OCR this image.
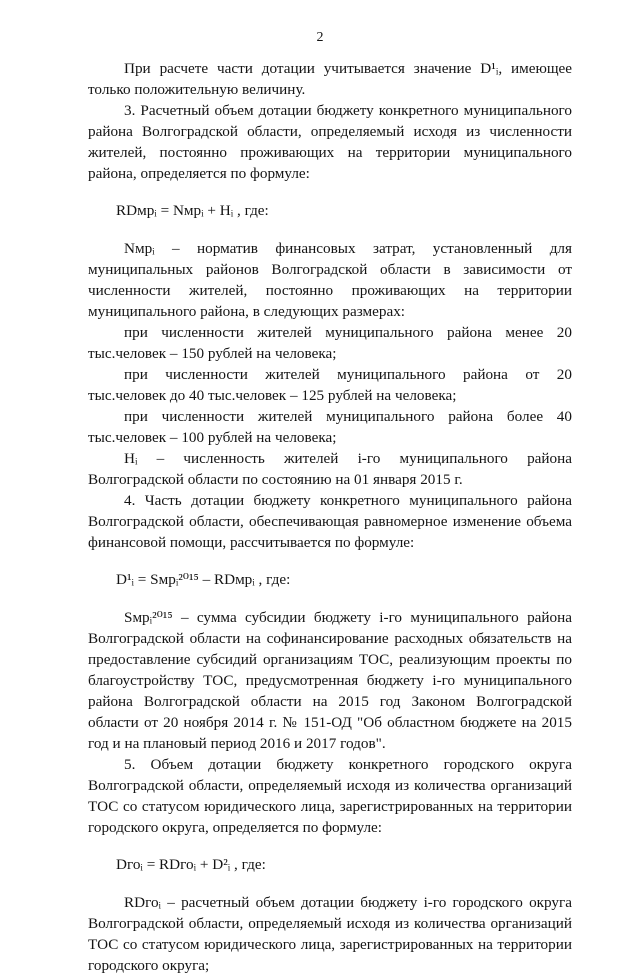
2

При расчете части дотации учитывается значение D¹ᵢ, имеющее только положительную величину.

3. Расчетный объем дотации бюджету конкретного муниципального района Волгоградской области, определяемый исходя из численности жителей, постоянно проживающих на территории муниципального района, определяется по формуле:

RDмрᵢ = Nмрᵢ + Hᵢ , где:

Nмрᵢ – норматив финансовых затрат, установленный для муниципальных районов Волгоградской области в зависимости от численности жителей, постоянно проживающих на территории муниципального района, в следующих размерах:

при численности жителей муниципального района менее 20 тыс.человек – 150 рублей на человека;

при численности жителей муниципального района от 20 тыс.человек до 40 тыс.человек – 125 рублей на человека;

при численности жителей муниципального района более 40 тыс.человек – 100 рублей на человека;

Hᵢ – численность жителей i-го муниципального района Волгоградской области по состоянию на 01 января 2015 г.

4. Часть дотации бюджету конкретного муниципального района Волгоградской области, обеспечивающая равномерное изменение объема финансовой помощи, рассчитывается по формуле:

D¹ᵢ = Sмрᵢ²⁰¹⁵ – RDмрᵢ , где:

Sмрᵢ²⁰¹⁵ – сумма субсидии бюджету i-го муниципального района Волгоградской области на софинансирование расходных обязательств на предоставление субсидий организациям ТОС, реализующим проекты по благоустройству ТОС, предусмотренная бюджету i-го муниципального района Волгоградской области на 2015 год Законом Волгоградской области от 20 ноября 2014 г. № 151-ОД "Об областном бюджете на 2015 год и на плановый период 2016 и 2017 годов".

5. Объем дотации бюджету конкретного городского округа Волгоградской области, определяемый исходя из количества организаций ТОС со статусом юридического лица, зарегистрированных на территории городского округа, определяется по формуле:

Dгоᵢ = RDгоᵢ + D²ᵢ , где:

RDгоᵢ – расчетный объем дотации бюджету i-го городского округа Волгоградской области, определяемый исходя из количества организаций ТОС со статусом юридического лица, зарегистрированных на территории городского округа;
